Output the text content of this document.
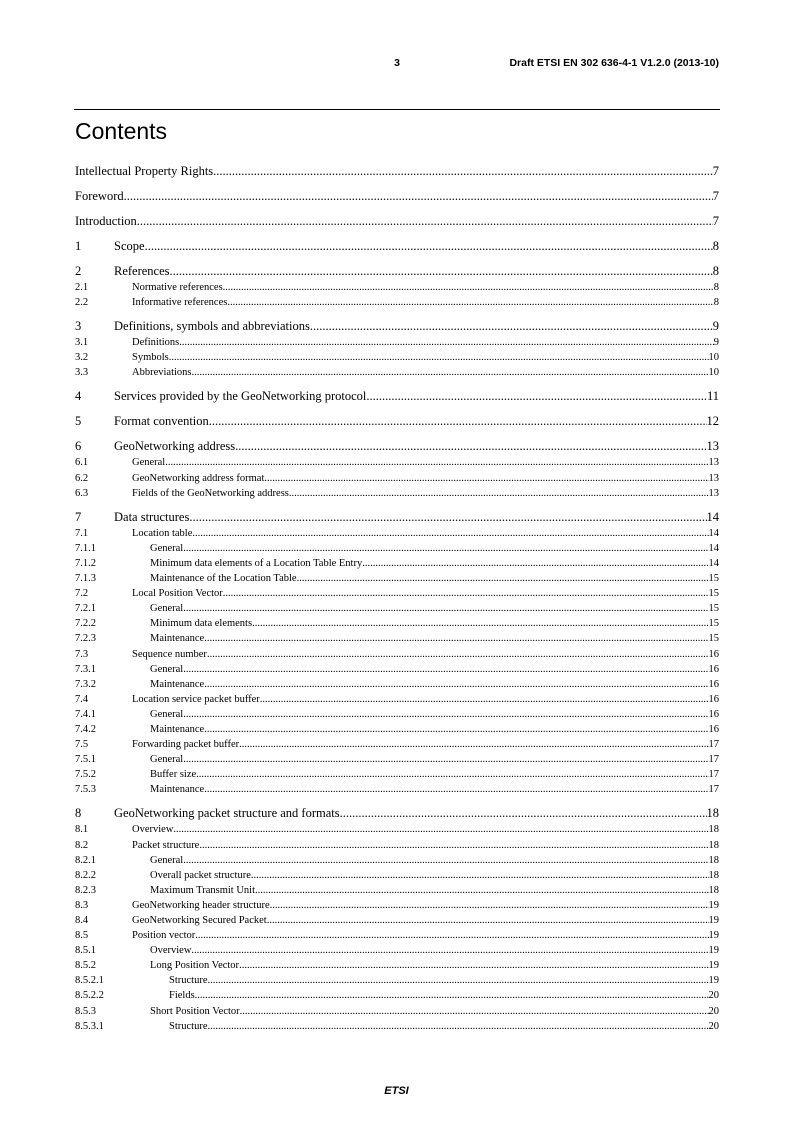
3	Draft ETSI EN 302 636-4-1 V1.2.0 (2013-10)
Contents
Intellectual Property Rights .....	7
Foreword .....	7
Introduction .....	7
1	Scope .....	8
2	References .....	8
2.1	Normative references .....	8
2.2	Informative references .....	8
3	Definitions, symbols and abbreviations .....	9
3.1	Definitions .....	9
3.2	Symbols .....	10
3.3	Abbreviations .....	10
4	Services provided by the GeoNetworking protocol .....	11
5	Format convention .....	12
6	GeoNetworking address .....	13
6.1	General .....	13
6.2	GeoNetworking address format .....	13
6.3	Fields of the GeoNetworking address .....	13
7	Data structures .....	14
7.1	Location table .....	14
7.1.1	General .....	14
7.1.2	Minimum data elements of a Location Table Entry .....	14
7.1.3	Maintenance of the Location Table .....	15
7.2	Local Position Vector .....	15
7.2.1	General .....	15
7.2.2	Minimum data elements .....	15
7.2.3	Maintenance .....	15
7.3	Sequence number .....	16
7.3.1	General .....	16
7.3.2	Maintenance .....	16
7.4	Location service packet buffer .....	16
7.4.1	General .....	16
7.4.2	Maintenance .....	16
7.5	Forwarding packet buffer .....	17
7.5.1	General .....	17
7.5.2	Buffer size .....	17
7.5.3	Maintenance .....	17
8	GeoNetworking packet structure and formats .....	18
8.1	Overview .....	18
8.2	Packet structure .....	18
8.2.1	General .....	18
8.2.2	Overall packet structure .....	18
8.2.3	Maximum Transmit Unit .....	18
8.3	GeoNetworking header structure .....	19
8.4	GeoNetworking Secured Packet .....	19
8.5	Position vector .....	19
8.5.1	Overview .....	19
8.5.2	Long Position Vector .....	19
8.5.2.1	Structure .....	19
8.5.2.2	Fields .....	20
8.5.3	Short Position Vector .....	20
8.5.3.1	Structure .....	20
ETSI
